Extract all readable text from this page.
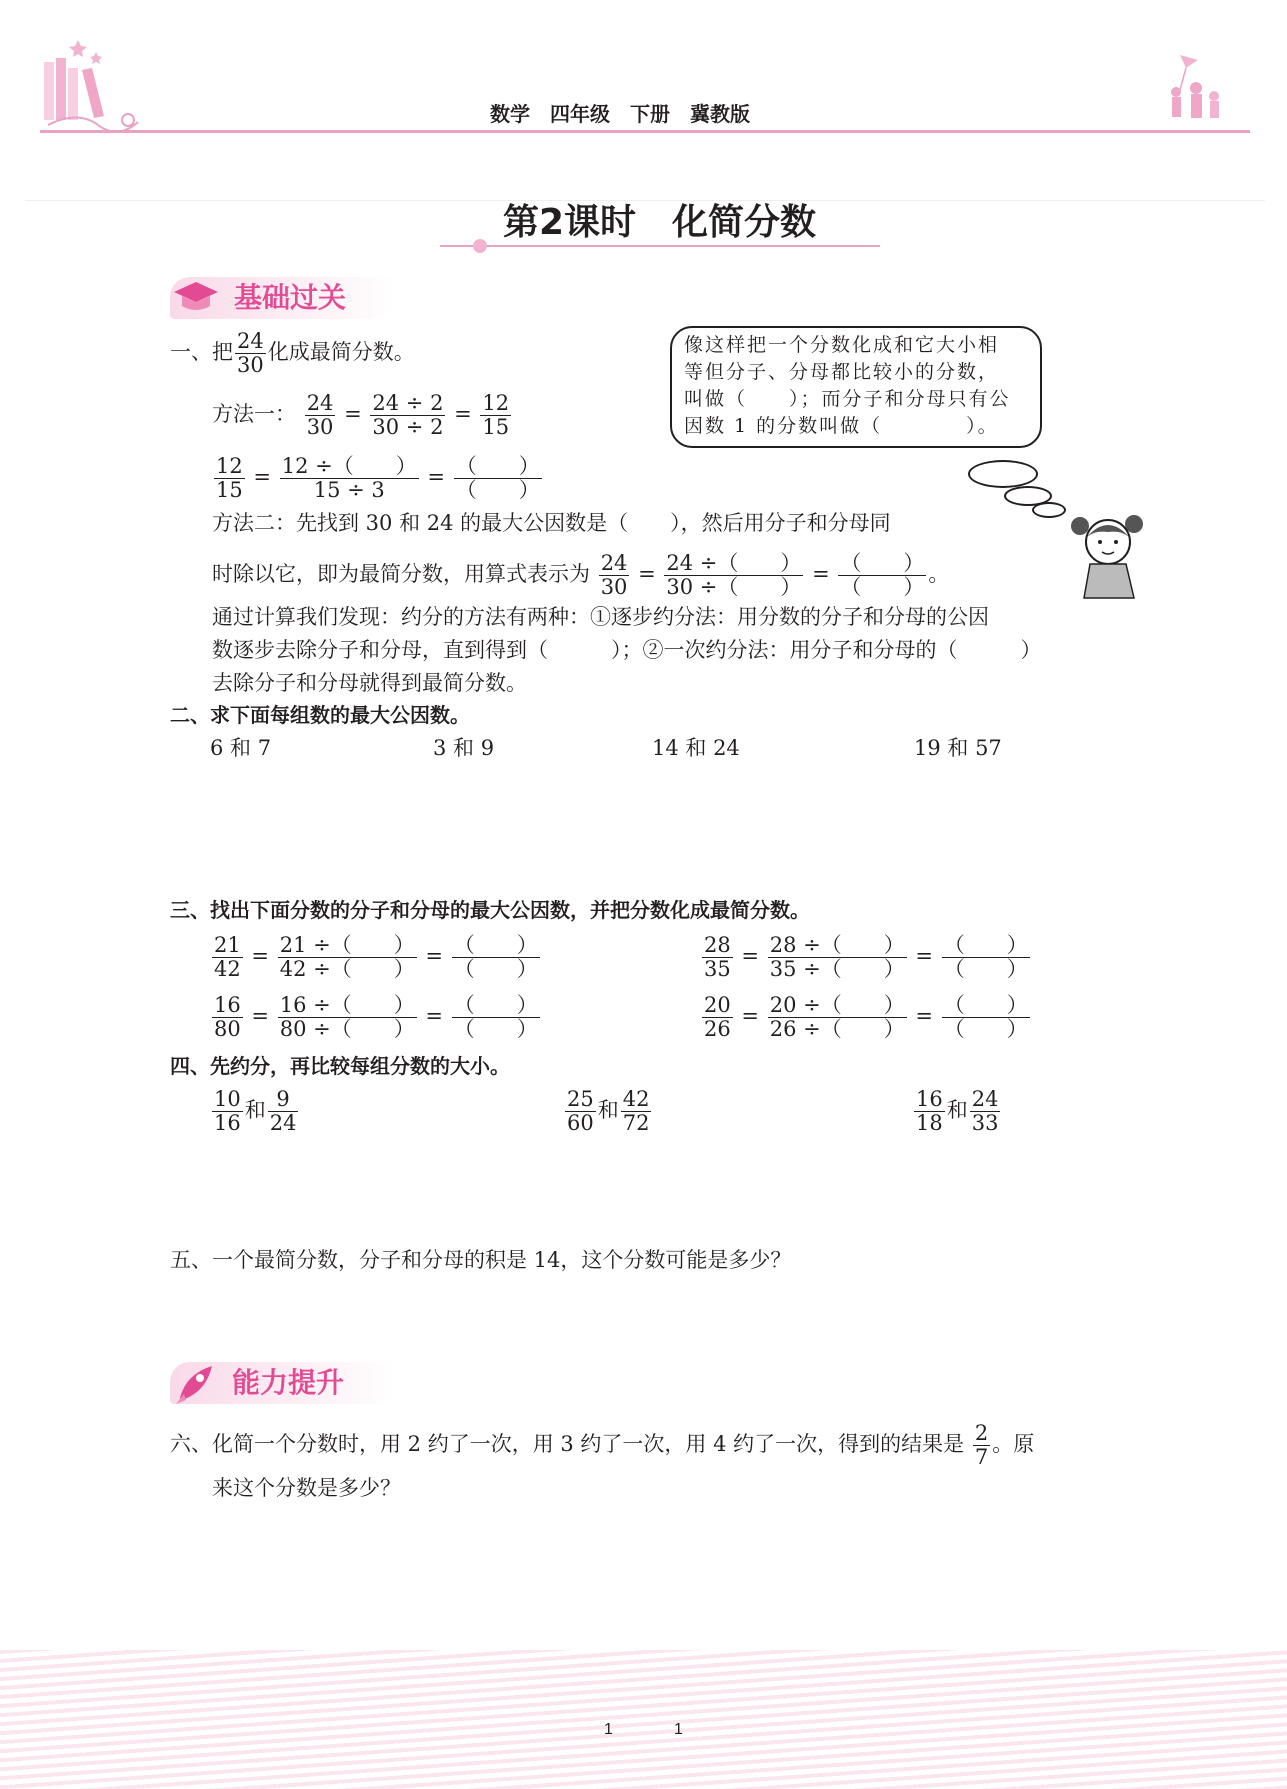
数学　四年级　下册　冀教版
第2课时　化简分数
基础过关
一、把 $\frac{24}{30}$ 化成最简分数。
方法一： $\frac{24}{30} = \frac{24 \div 2}{30 \div 2} = \frac{12}{15}$
$\frac{12}{15} = \frac{12 \div( )}{15 \div 3}$ = （　　）
（　　）
方法二：先找到 30 和 24 的最大公因数是（　　），然后用分子和分母同
时除以它，即为最简分数，用算式表示为 $\frac{24}{30} = \frac{24 \div( )}{30 \div( )}$ = （　　）
（　　）
。
通过计算我们发现：约分的方法有两种：①逐步约分法：用分数的分子和分母的公因
数逐步去除分子和分母，直到得到（　　　）；②一次约分法：用分子和分母的（　　　）
去除分子和分母就得到最简分数。
像这样把一个分数化成和它大小相
等但分子、分母都比较小的分数，
叫做（　　）；而分子和分母只有公
因数 1 的分数叫做（　　　　）。
二、求下面每组数的最大公因数。
6 和 7	3 和 9	14 和 24	19 和 57
三、找出下面分数的分子和分母的最大公因数，并把分数化成最简分数。
$\frac{21}{42} = \frac{21 \div( )}{42 \div( )}$ = （　　）
（　　）	$\frac{28}{35} = \frac{28 \div( )}{35 \div( )}$ = （　　）
（　　）
$\frac{16}{80} = \frac{16 \div( )}{80 \div( )}$ = （　　）
（　　）	$\frac{20}{26} = \frac{20 \div( )}{26 \div( )}$ = （　　）
（　　）
四、先约分，再比较每组分数的大小。
$\frac{10}{16}$ 和 $\frac{9}{24}$	$\frac{25}{60}$ 和 $\frac{42}{72}$	$\frac{16}{18}$ 和 $\frac{24}{33}$
五、一个最简分数，分子和分母的积是 14，这个分数可能是多少？
能力提升
六、化简一个分数时，用 2 约了一次，用 3 约了一次，用 4 约了一次，得到的结果是 $\frac{2}{7}$ 。原
来这个分数是多少？
1	1
